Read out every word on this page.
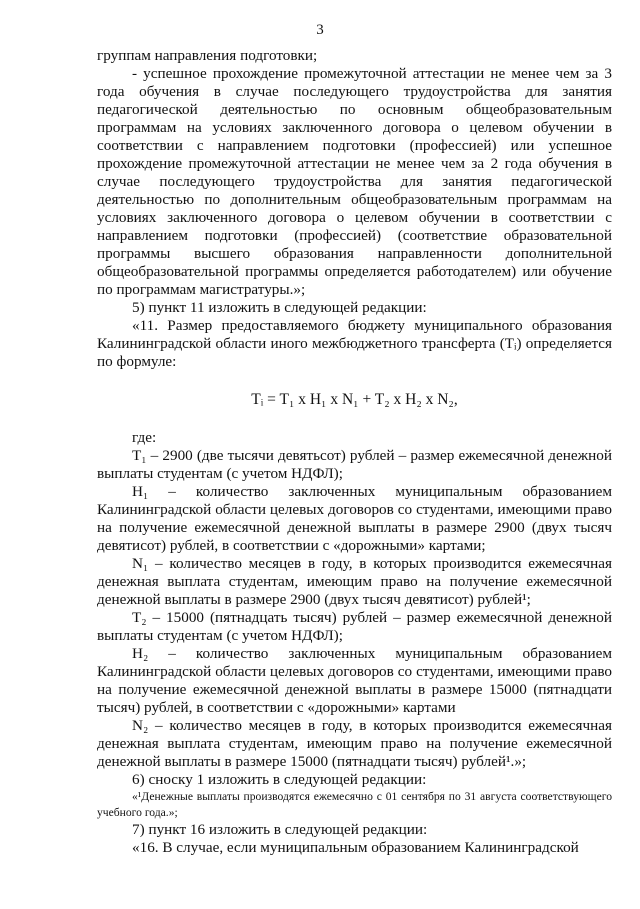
3

группам направления подготовки;

- успешное прохождение промежуточной аттестации не менее чем за 3 года обучения в случае последующего трудоустройства для занятия педагогической деятельностью по основным общеобразовательным программам на условиях заключенного договора о целевом обучении в соответствии с направлением подготовки (профессией) или успешное прохождение промежуточной аттестации не менее чем за 2 года обучения в случае последующего трудоустройства для занятия педагогической деятельностью по дополнительным общеобразовательным программам на условиях заключенного договора о целевом обучении в соответствии с направлением подготовки (профессией) (соответствие образовательной программы высшего образования направленности дополнительной общеобразовательной программы определяется работодателем) или обучение по программам магистратуры.»;

5) пункт 11 изложить в следующей редакции:

«11. Размер предоставляемого бюджету муниципального образования Калининградской области иного межбюджетного трансферта (Tᵢ) определяется по формуле:

Tᵢ = T₁ x H₁ x N₁ + T₂ x H₂ x N₂,

где:

T₁ – 2900 (две тысячи девятьсот) рублей – размер ежемесячной денежной выплаты студентам (с учетом НДФЛ);

H₁ – количество заключенных муниципальным образованием Калининградской области целевых договоров со студентами, имеющими право на получение ежемесячной денежной выплаты в размере 2900 (двух тысяч девятисот) рублей, в соответствии с «дорожными» картами;

N₁ – количество месяцев в году, в которых производится ежемесячная денежная выплата студентам, имеющим право на получение ежемесячной денежной выплаты в размере 2900 (двух тысяч девятисот) рублей¹;

T₂ – 15000 (пятнадцать тысяч) рублей – размер ежемесячной денежной выплаты студентам (с учетом НДФЛ);

H₂ – количество заключенных муниципальным образованием Калининградской области целевых договоров со студентами, имеющими право на получение ежемесячной денежной выплаты в размере 15000 (пятнадцати тысяч) рублей, в соответствии с «дорожными» картами

N₂ – количество месяцев в году, в которых производится ежемесячная денежная выплата студентам, имеющим право на получение ежемесячной денежной выплаты в размере 15000 (пятнадцати тысяч) рублей¹.»;

6) сноску 1 изложить в следующей редакции:

«¹Денежные выплаты производятся ежемесячно с 01 сентября по 31 августа соответствующего учебного года.»;

7) пункт 16 изложить в следующей редакции:

«16. В случае, если муниципальным образованием Калининградской
